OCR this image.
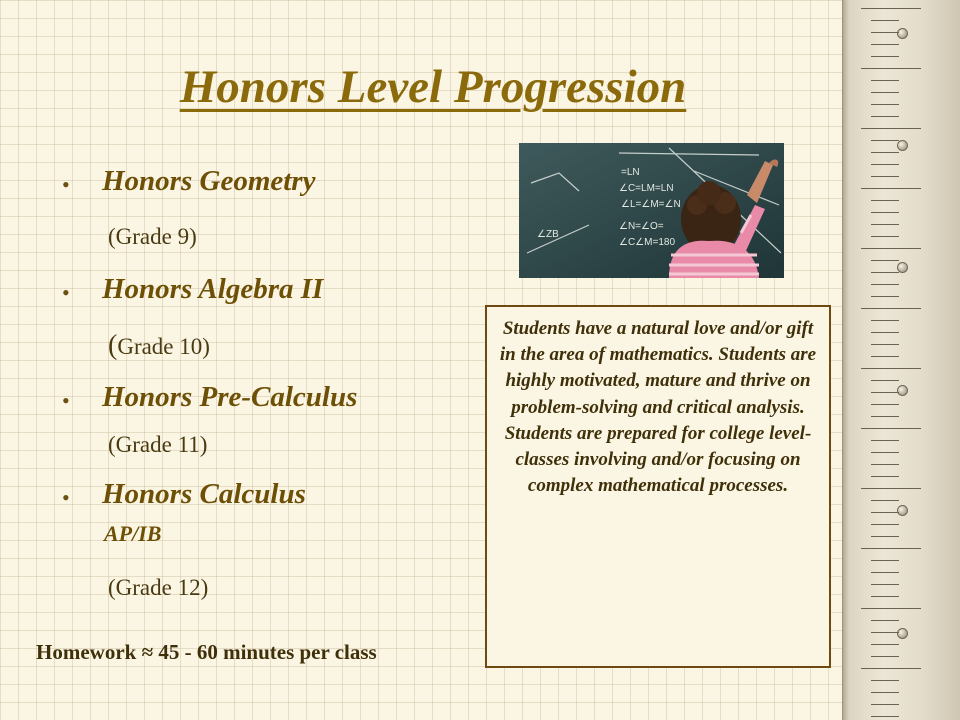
Honors Level Progression
• Honors Geometry
(Grade 9)
• Honors Algebra II
(Grade 10)
• Honors Pre-Calculus
(Grade 11)
• Honors Calculus
AP/IB
(Grade 12)
Homework ≈ 45 - 60 minutes per class
=LN
∠C=LM=LN
∠L=∠M=∠N
∠ZB
∠N=∠O=
∠C∠M=180
Students have a natural love and/or gift in the area of mathematics. Students are highly motivated, mature and thrive on problem-solving and critical analysis. Students are prepared for college level-classes involving and/or focusing on complex mathematical processes.
